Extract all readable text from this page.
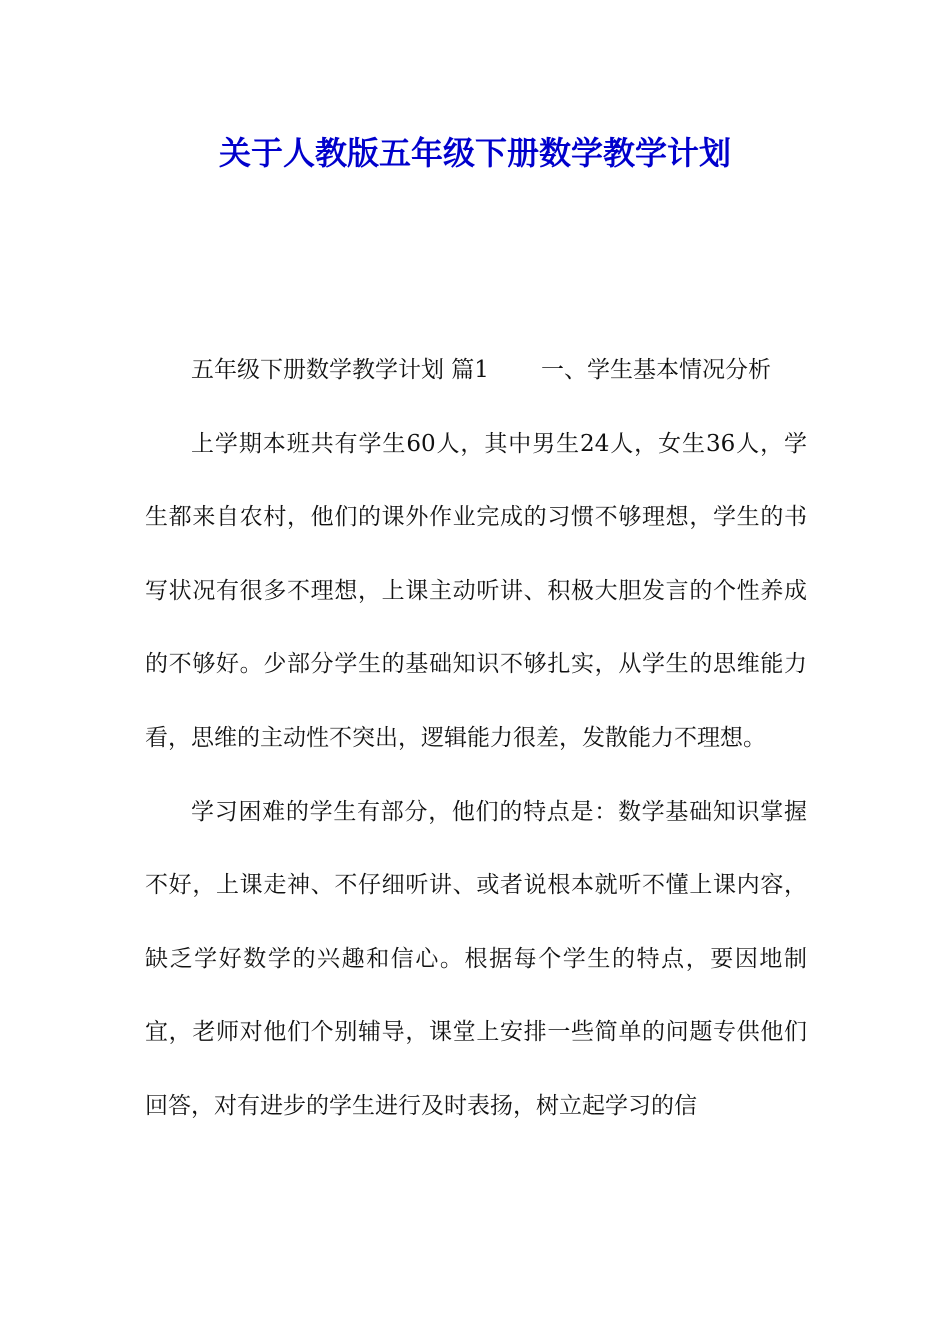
关于人教版五年级下册数学教学计划

五年级下册数学教学计划 篇1 一、学生基本情况分析

上学期本班共有学生60人，其中男生24人，女生36人，学生都来自农村，他们的课外作业完成的习惯不够理想，学生的书写状况有很多不理想，上课主动听讲、积极大胆发言的个性养成的不够好。少部分学生的基础知识不够扎实，从学生的思维能力看，思维的主动性不突出，逻辑能力很差，发散能力不理想。

学习困难的学生有部分，他们的特点是：数学基础知识掌握不好，上课走神、不仔细听讲、或者说根本就听不懂上课内容，缺乏学好数学的兴趣和信心。根据每个学生的特点，要因地制宜，老师对他们个别辅导，课堂上安排一些简单的问题专供他们回答，对有进步的学生进行及时表扬，树立起学习的信
